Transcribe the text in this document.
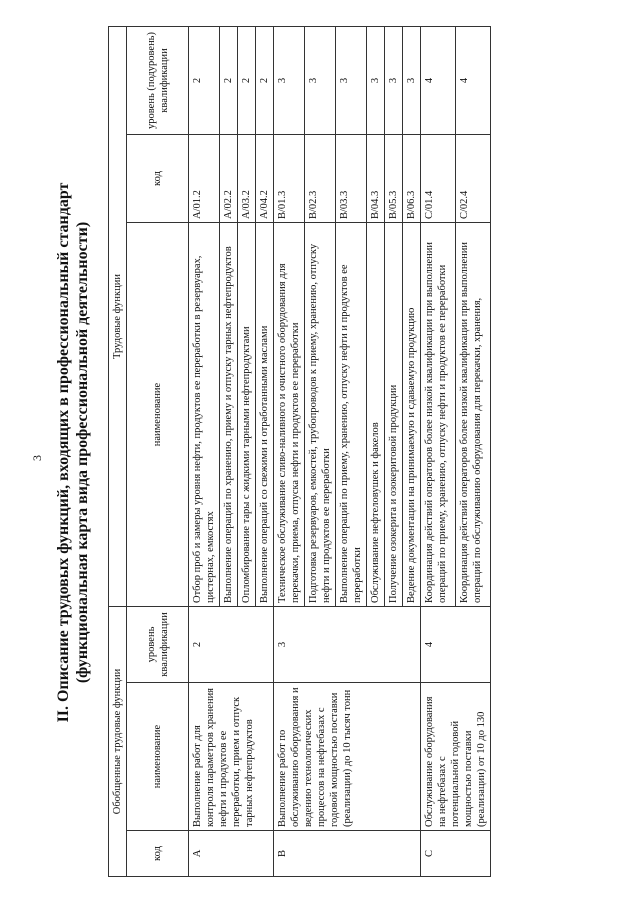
3 II. Описание трудовых функций, входящих в профессиональный стандарт (функциональная карта вида профессиональной деятельности)
Обобщенные трудовые функции			Трудовые функции		
код	наименование	уровень квалификации	наименование	код	уровень (подуровень) квалификации
A	Выполнение работ для контроля параметров хранения нефти и продуктов ее переработки, прием и отпуск тарных нефтепродуктов	2	Отбор проб и замеры уровня нефти, продуктов ее переработки в резервуарах, цистернах, емкостях	A/01.2	2
			Выполнение операций по хранению, приему и отпуску тарных нефтепродуктов	A/02.2	2
			Опломбирование тары с жидкими тарными нефтепродуктами	A/03.2	2
			Выполнение операций со свежими и отработанными маслами	A/04.2	2
B	Выполнение работ по обслуживанию оборудования и ведению технологических процессов на нефтебазах с годовой мощностью поставки (реализации) до 10 тысяч тонн	3	Техническое обслуживание сливо-наливного и очистного оборудования для перекачки, приема, отпуска нефти и продуктов ее переработки	B/01.3	3
			Подготовка резервуаров, емкостей, трубопроводов к приему, хранению, отпуску нефти и продуктов ее переработки	B/02.3	3
			Выполнение операций по приему, хранению, отпуску нефти и продуктов ее переработки	B/03.3	3
			Обслуживание нефтеловушек и факелов	B/04.3	3
			Получение озокерита и озокеритовой продукции	B/05.3	3
			Ведение документации на принимаемую и сдаваемую продукцию	B/06.3	3
C	Обслуживание оборудования на нефтебазах с потенциальной годовой мощностью поставки (реализации) от 10 до 130	4	Координация действий операторов более низкой квалификации при выполнении операций по приему, хранению, отпуску нефти и продуктов ее переработки	C/01.4	4
			Координация действий операторов более низкой квалификации при выполнении операций по обслуживанию оборудования для перекачки, хранения,	C/02.4	4
